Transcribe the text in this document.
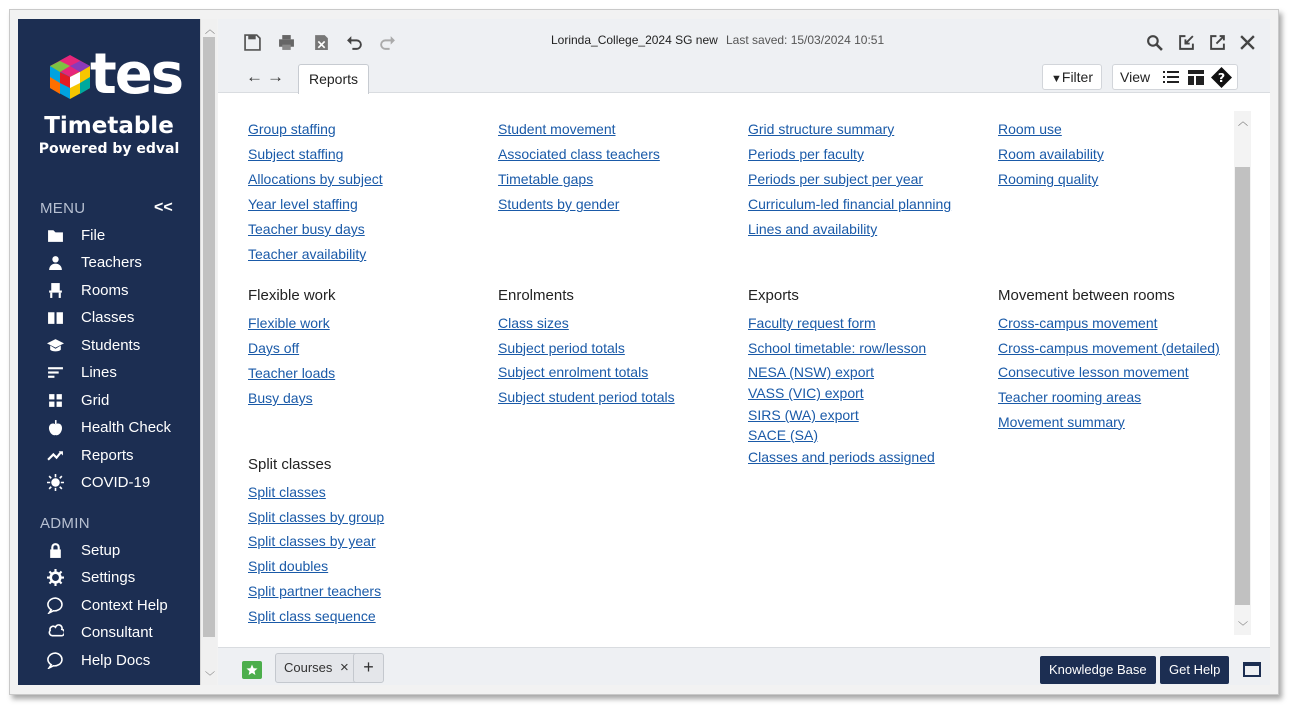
tes
Timetable
Powered by edval
MENU	<<
File
Teachers
Rooms
Classes
Students
Lines
Grid
Health Check
Reports
COVID-19
ADMIN
Setup
Settings
Context Help
Consultant
Help Docs
︿
﹀
Lorinda_College_2024 SG new Last saved: 15/03/2024 10:51
← →	Reports	▼Filter	View	?
Group staffing
Subject staffing
Allocations by subject
Year level staffing
Teacher busy days
Teacher availability
Student movement
Associated class teachers
Timetable gaps
Students by gender
Grid structure summary
Periods per faculty
Periods per subject per year
Curriculum-led financial planning
Lines and availability
Room use
Room availability
Rooming quality
Flexible work
Flexible work
Days off
Teacher loads
Busy days
Enrolments
Class sizes
Subject period totals
Subject enrolment totals
Subject student period totals
Exports
Faculty request form
School timetable: row/lesson
NESA (NSW) export
VASS (VIC) export
SIRS (WA) export
SACE (SA)
Classes and periods assigned
Movement between rooms
Cross-campus movement
Cross-campus movement (detailed)
Consecutive lesson movement
Teacher rooming areas
Movement summary
Split classes
Split classes
Split classes by group
Split classes by year
Split doubles
Split partner teachers
Split class sequence
︿
﹀
Courses × +	Knowledge Base	Get Help
